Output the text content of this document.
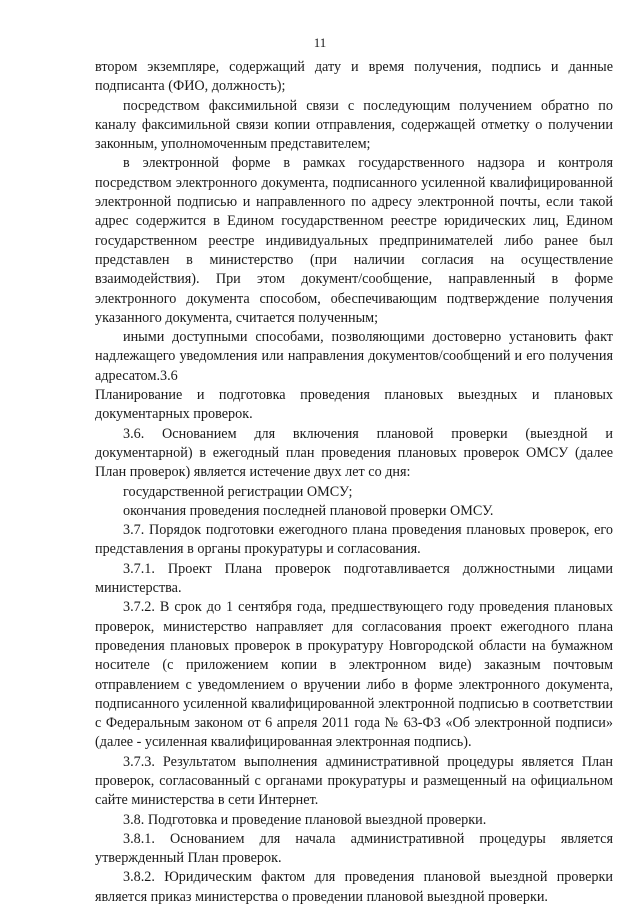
11

втором экземпляре, содержащий дату и время получения, подпись и данные подписанта (ФИО, должность);

посредством факсимильной связи с последующим получением обратно по каналу факсимильной связи копии отправления, содержащей отметку о получении законным, уполномоченным представителем;

в электронной форме в рамках государственного надзора и контроля посредством электронного документа, подписанного усиленной квалифицированной электронной подписью и направленного по адресу электронной почты, если такой адрес содержится в Едином государственном реестре юридических лиц, Едином государственном реестре индивидуальных предпринимателей либо ранее был представлен в министерство (при наличии согласия на осуществление взаимодействия). При этом документ/сообщение, направленный в форме электронного документа способом, обеспечивающим подтверждение получения указанного документа, считается полученным;

иными доступными способами, позволяющими достоверно установить факт надлежащего уведомления или направления документов/сообщений и его получения адресатом.3.6

Планирование и подготовка проведения плановых выездных и плановых документарных проверок.

3.6. Основанием для включения плановой проверки (выездной и документарной) в ежегодный план проведения плановых проверок ОМСУ (далее План проверок) является истечение двух лет со дня:

государственной регистрации ОМСУ;

окончания проведения последней плановой проверки ОМСУ.

3.7. Порядок подготовки ежегодного плана проведения плановых проверок, его представления в органы прокуратуры и согласования.

3.7.1. Проект Плана проверок подготавливается должностными лицами министерства.

3.7.2. В срок до 1 сентября года, предшествующего году проведения плановых проверок, министерство направляет для согласования проект ежегодного плана проведения плановых проверок в прокуратуру Новгородской области на бумажном носителе (с приложением копии в электронном виде) заказным почтовым отправлением с уведомлением о вручении либо в форме электронного документа, подписанного усиленной квалифицированной электронной подписью в соответствии с Федеральным законом от 6 апреля 2011 года № 63-ФЗ «Об электронной подписи» (далее - усиленная квалифицированная электронная подпись).

3.7.3. Результатом выполнения административной процедуры является План проверок, согласованный с органами прокуратуры и размещенный на официальном сайте министерства в сети Интернет.

3.8. Подготовка и проведение плановой выездной проверки.

3.8.1. Основанием для начала административной процедуры является утвержденный План проверок.

3.8.2. Юридическим фактом для проведения плановой выездной проверки является приказ министерства о проведении плановой выездной проверки.
